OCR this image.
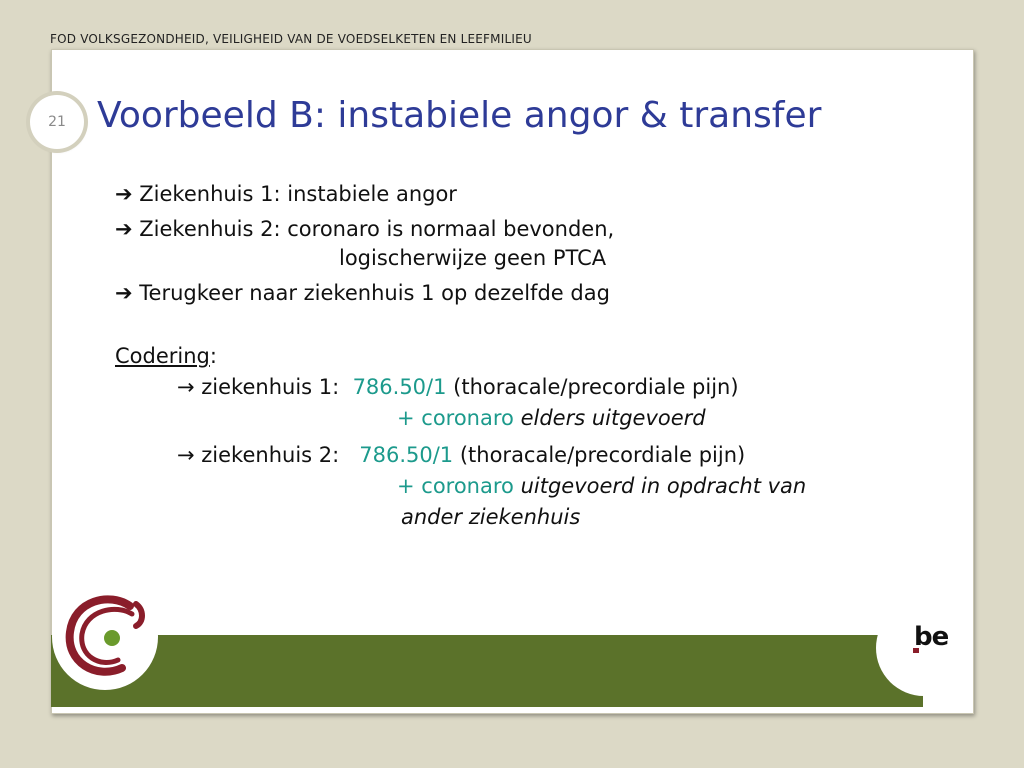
FOD VOLKSGEZONDHEID, VEILIGHEID VAN DE VOEDSELKETEN EN LEEFMILIEU
21 Voorbeeld B: instabiele angor & transfer
➔ Ziekenhuis 1: instabiele angor
➔ Ziekenhuis 2: coronaro is normaal bevonden,
logischerwijze geen PTCA
➔ Terugkeer naar ziekenhuis 1 op dezelfde dag
Codering:
→ ziekenhuis 1:  786.50/1 (thoracale/precordiale pijn)
+ coronaro elders uitgevoerd
→ ziekenhuis 2:   786.50/1 (thoracale/precordiale pijn)
+ coronaro uitgevoerd in opdracht van
ander ziekenhuis
be
